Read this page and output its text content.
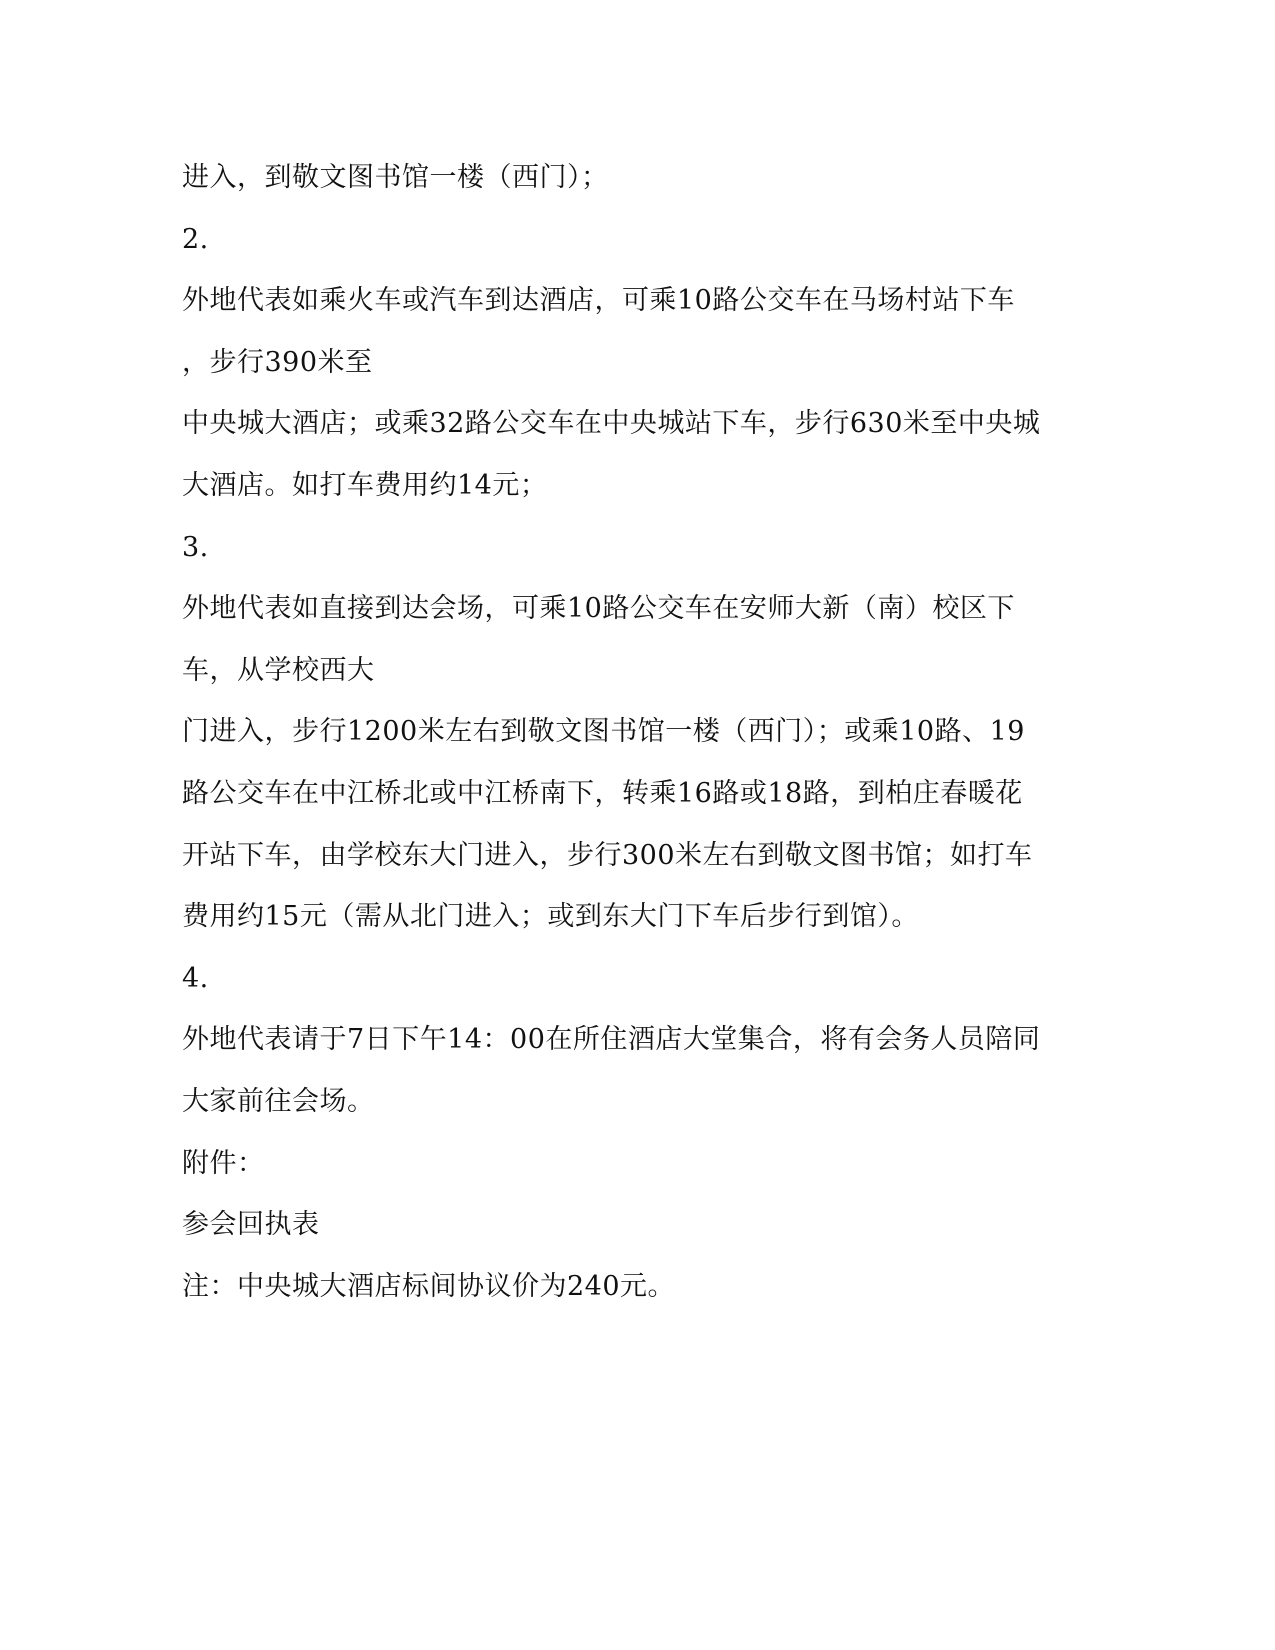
进入，到敬文图书馆一楼（西门）；

2.

外地代表如乘火车或汽车到达酒店，可乘10路公交车在马场村站下车

，步行390米至

中央城大酒店；或乘32路公交车在中央城站下车，步行630米至中央城

大酒店。如打车费用约14元；

3.

外地代表如直接到达会场，可乘10路公交车在安师大新（南）校区下

车，从学校西大

门进入，步行1200米左右到敬文图书馆一楼（西门）；或乘10路、19

路公交车在中江桥北或中江桥南下，转乘16路或18路，到柏庄春暖花

开站下车，由学校东大门进入，步行300米左右到敬文图书馆；如打车

费用约15元（需从北门进入；或到东大门下车后步行到馆）。

4.

外地代表请于7日下午14：00在所住酒店大堂集合，将有会务人员陪同

大家前往会场。

附件：

参会回执表

注：中央城大酒店标间协议价为240元。
